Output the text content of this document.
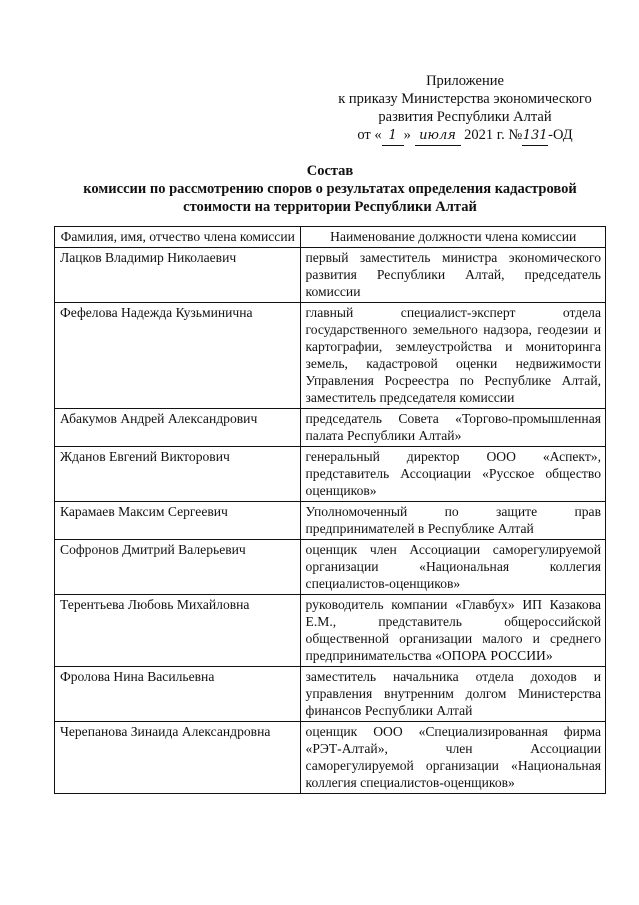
Приложение
к приказу Министерства экономического
развития Республики Алтай
от « 1 » июля 2021 г. №131-ОД
Состав
комиссии по рассмотрению споров о результатах определения кадастровой
стоимости на территории Республики Алтай
Фамилия, имя, отчество члена комиссии	Наименование должности члена комиссии
Лацков Владимир Николаевич	первый заместитель министра экономического развития Республики Алтай, председатель комиссии
Фефелова Надежда Кузьминична	главный специалист-эксперт отдела государственного земельного надзора, геодезии и картографии, землеустройства и мониторинга земель, кадастровой оценки недвижимости Управления Росреестра по Республике Алтай, заместитель председателя комиссии
Абакумов Андрей Александрович	председатель Совета «Торгово-промышленная палата Республики Алтай»
Жданов Евгений Викторович	генеральный директор ООО «Аспект», представитель Ассоциации «Русское общество оценщиков»
Карамаев Максим Сергеевич	Уполномоченный по защите прав предпринимателей в Республике Алтай
Софронов Дмитрий Валерьевич	оценщик член Ассоциации саморегулируемой организации «Национальная коллегия специалистов-оценщиков»
Терентьева Любовь Михайловна	руководитель компании «Главбух» ИП Казакова Е.М., представитель общероссийской общественной организации малого и среднего предпринимательства «ОПОРА РОССИИ»
Фролова Нина Васильевна	заместитель начальника отдела доходов и управления внутренним долгом Министерства финансов Республики Алтай
Черепанова Зинаида Александровна	оценщик ООО «Специализированная фирма «РЭТ-Алтай», член Ассоциации саморегулируемой организации «Национальная коллегия специалистов-оценщиков»
